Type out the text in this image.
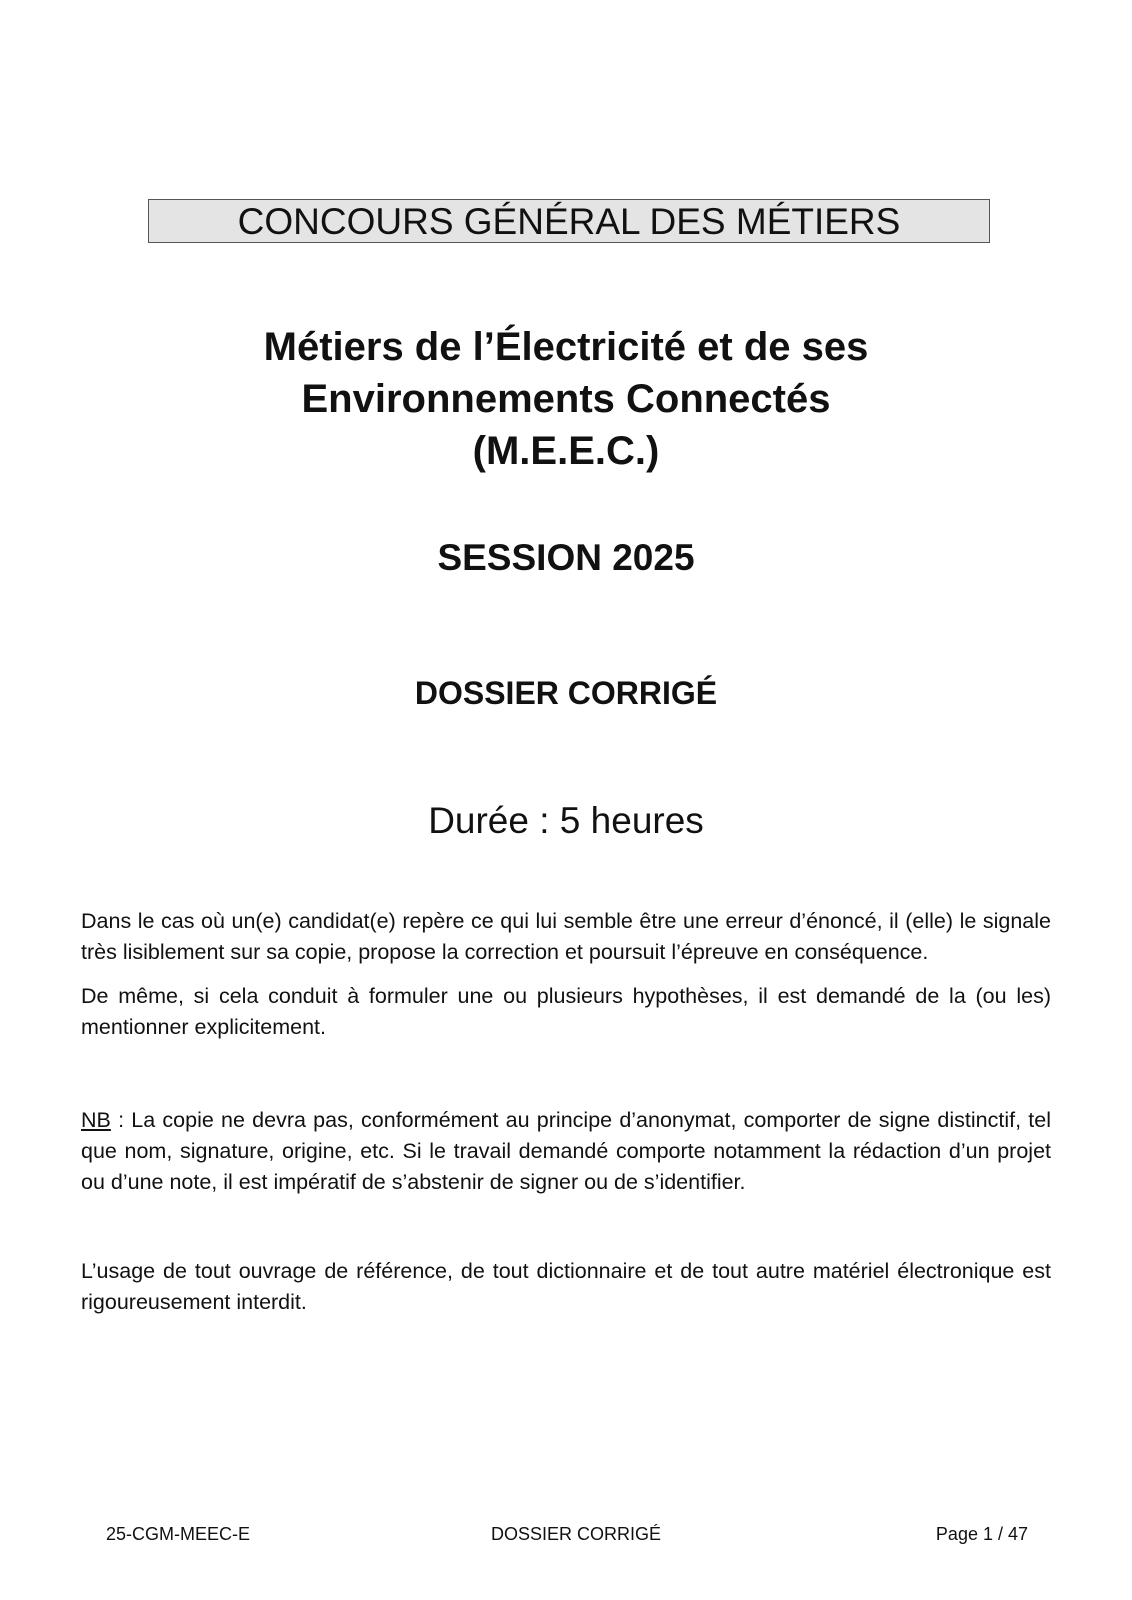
CONCOURS GÉNÉRAL DES MÉTIERS
Métiers de l’Électricité et de ses
Environnements Connectés
(M.E.E.C.)
SESSION 2025
DOSSIER CORRIGÉ
Durée : 5 heures

Dans le cas où un(e) candidat(e) repère ce qui lui semble être une erreur d’énoncé, il (elle) le signale très lisiblement sur sa copie, propose la correction et poursuit l’épreuve en conséquence.

De même, si cela conduit à formuler une ou plusieurs hypothèses, il est demandé de la (ou les) mentionner explicitement.

NB : La copie ne devra pas, conformément au principe d’anonymat, comporter de signe distinctif, tel que nom, signature, origine, etc. Si le travail demandé comporte notamment la rédaction d’un projet ou d’une note, il est impératif de s’abstenir de signer ou de s’identifier.

L’usage de tout ouvrage de référence, de tout dictionnaire et de tout autre matériel électronique est rigoureusement interdit.

25-CGM-MEEC-E	DOSSIER CORRIGÉ	Page 1 / 47
